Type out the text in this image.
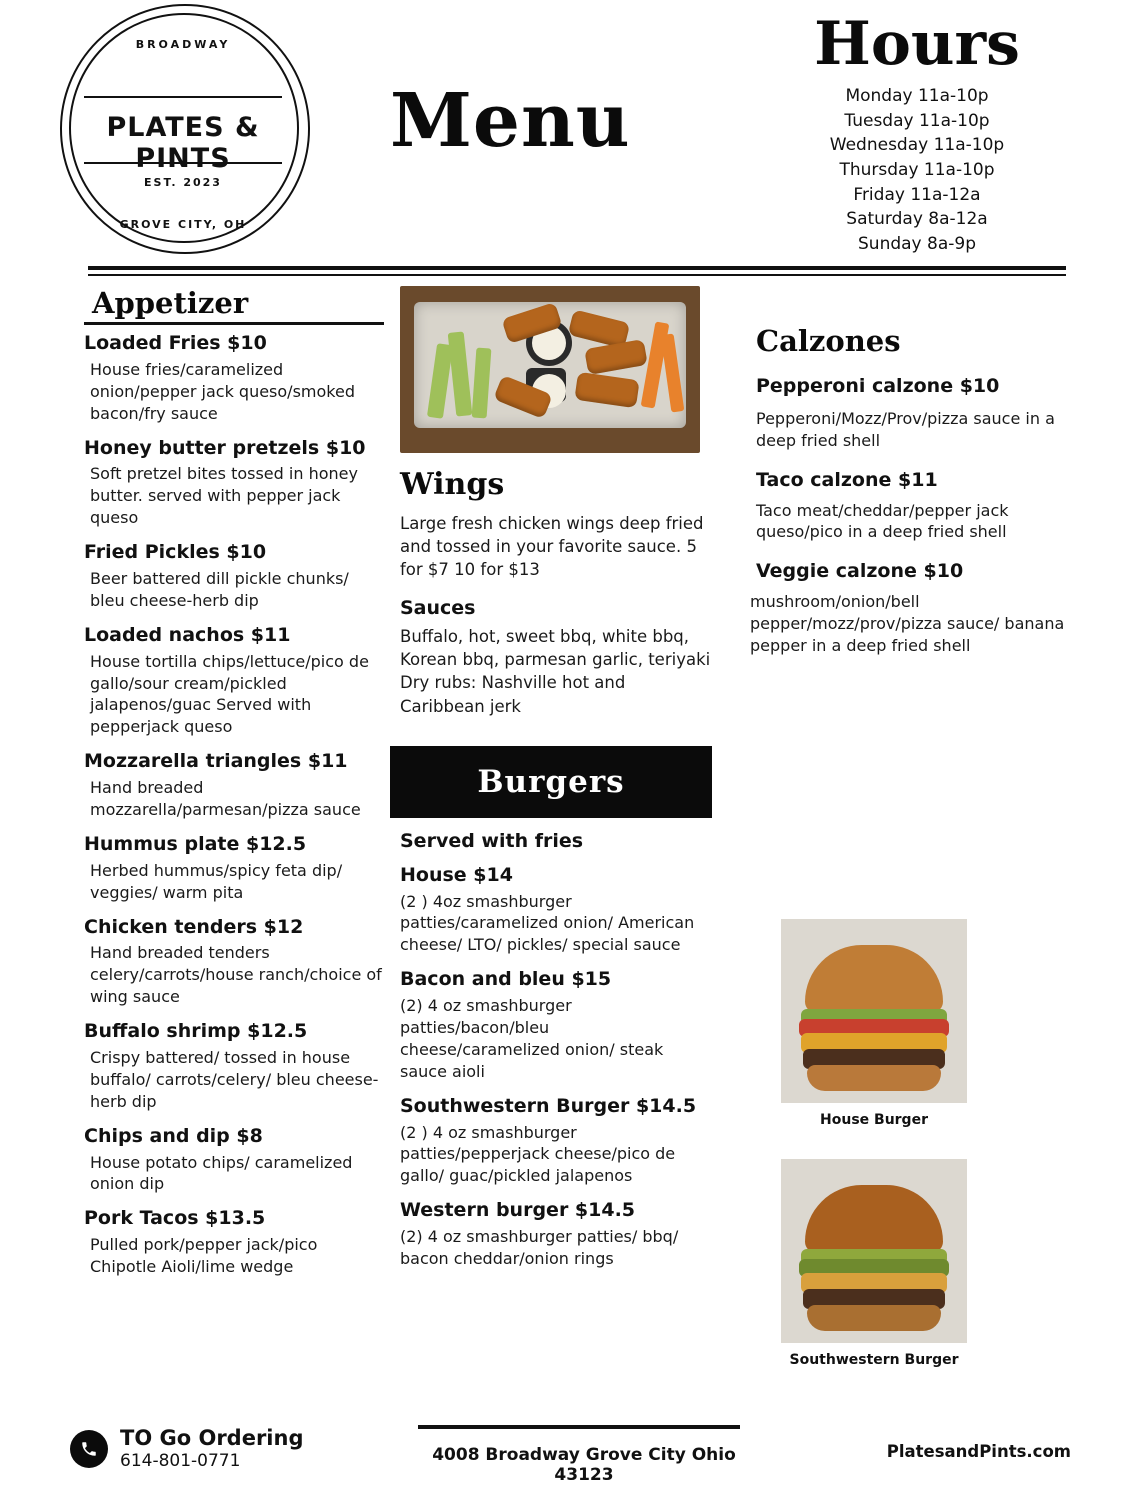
BROADWAY
PLATES & PINTS
EST. 2023
GROVE CITY, OH
Menu
Hours
Monday 11a-10p
Tuesday 11a-10p
Wednesday 11a-10p
Thursday 11a-10p
Friday 11a-12a
Saturday 8a-12a
Sunday 8a-9p
Appetizer
Loaded Fries $10
House fries/caramelized onion/pepper jack queso/smoked bacon/fry sauce
Honey butter pretzels $10
Soft pretzel bites tossed in honey butter. served with pepper jack queso
Fried Pickles $10
Beer battered dill pickle chunks/ bleu cheese-herb dip
Loaded nachos $11
House tortilla chips/lettuce/pico de gallo/sour cream/pickled jalapenos/guac Served with pepperjack queso
Mozzarella triangles $11
Hand breaded mozzarella/parmesan/pizza sauce
Hummus plate $12.5
Herbed hummus/spicy feta dip/ veggies/ warm pita
Chicken tenders $12
Hand breaded tenders celery/carrots/house ranch/choice of wing sauce
Buffalo shrimp $12.5
Crispy battered/ tossed in house buffalo/ carrots/celery/ bleu cheese-herb dip
Chips and dip $8
House potato chips/ caramelized onion dip
Pork Tacos $13.5
Pulled pork/pepper jack/pico Chipotle Aioli/lime wedge
Wings
Large fresh chicken wings deep fried and tossed in your favorite sauce. 5 for $7 10 for $13
Sauces
Buffalo, hot, sweet bbq, white bbq, Korean bbq, parmesan garlic, teriyaki
Dry rubs: Nashville hot and Caribbean jerk
Burgers
Served with fries
House $14
(2 ) 4oz smashburger patties/caramelized onion/ American cheese/ LTO/ pickles/ special sauce
Bacon and bleu $15
(2) 4 oz smashburger patties/bacon/bleu cheese/caramelized onion/ steak sauce aioli
Southwestern Burger $14.5
(2 ) 4 oz smashburger patties/pepperjack cheese/pico de gallo/ guac/pickled jalapenos
Western burger $14.5
(2) 4 oz smashburger patties/ bbq/ bacon cheddar/onion rings
Calzones
Pepperoni calzone $10
Pepperoni/Mozz/Prov/pizza sauce in a deep fried shell
Taco calzone $11
Taco meat/cheddar/pepper jack queso/pico in a deep fried shell
Veggie calzone $10
mushroom/onion/bell pepper/mozz/prov/pizza sauce/ banana pepper in a deep fried shell
House Burger
Southwestern Burger
TO Go Ordering
614-801-0771	4008 Broadway Grove City Ohio 43123
PlatesandPints.com
